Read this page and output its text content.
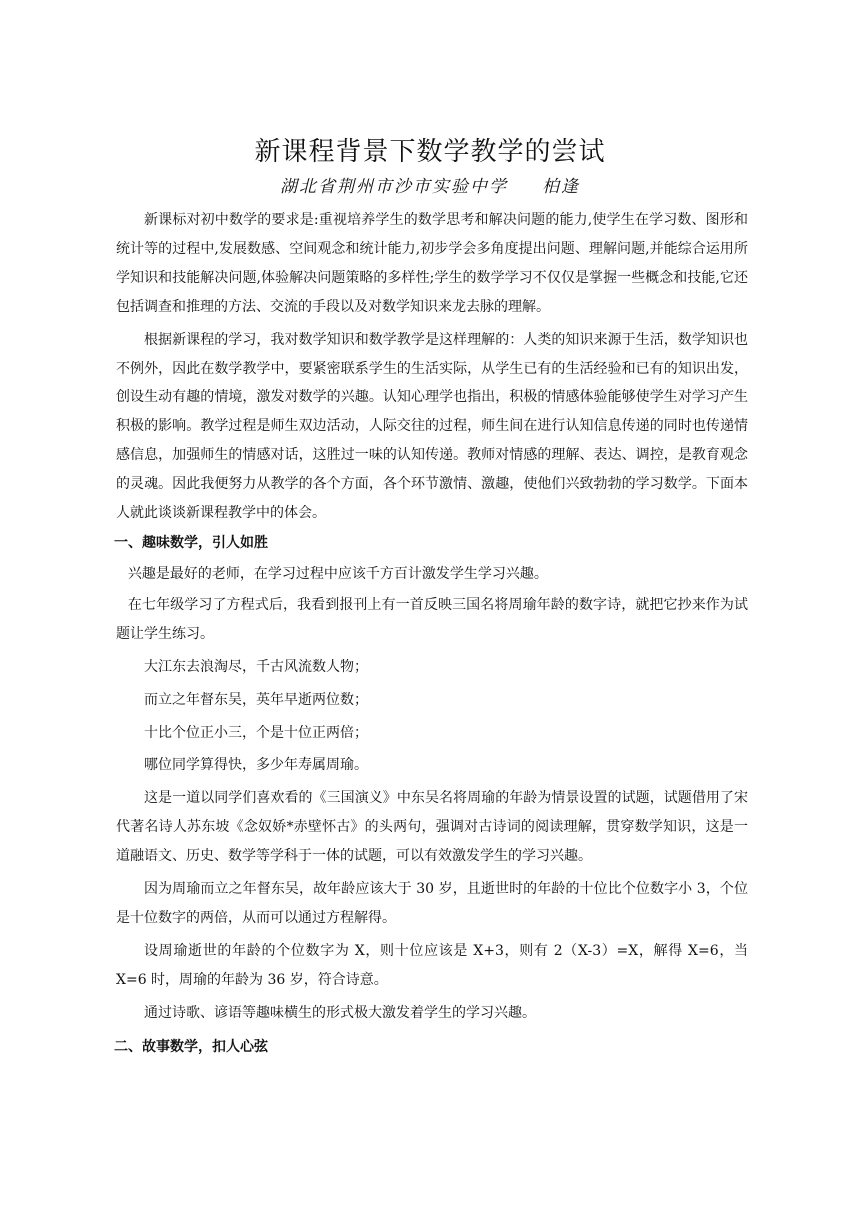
新课程背景下数学教学的尝试

湖北省荆州市沙市实验中学 柏逢

新课标对初中数学的要求是:重视培养学生的数学思考和解决问题的能力,使学生在学习数、图形和统计等的过程中,发展数感、空间观念和统计能力,初步学会多角度提出问题、理解问题,并能综合运用所学知识和技能解决问题,体验解决问题策略的多样性;学生的数学学习不仅仅是掌握一些概念和技能,它还包括调查和推理的方法、交流的手段以及对数学知识来龙去脉的理解。

根据新课程的学习，我对数学知识和数学教学是这样理解的：人类的知识来源于生活，数学知识也不例外，因此在数学教学中，要紧密联系学生的生活实际，从学生已有的生活经验和已有的知识出发，创设生动有趣的情境，激发对数学的兴趣。认知心理学也指出，积极的情感体验能够使学生对学习产生积极的影响。教学过程是师生双边活动，人际交往的过程，师生间在进行认知信息传递的同时也传递情感信息，加强师生的情感对话，这胜过一味的认知传递。教师对情感的理解、表达、调控，是教育观念的灵魂。因此我便努力从教学的各个方面，各个环节激情、激趣，使他们兴致勃勃的学习数学。下面本人就此谈谈新课程教学中的体会。

一、趣味数学，引人如胜

兴趣是最好的老师，在学习过程中应该千方百计激发学生学习兴趣。

在七年级学习了方程式后，我看到报刊上有一首反映三国名将周瑜年龄的数字诗，就把它抄来作为试题让学生练习。

大江东去浪淘尽，千古风流数人物；

而立之年督东吴，英年早逝两位数；

十比个位正小三，个是十位正两倍；

哪位同学算得快，多少年寿属周瑜。

这是一道以同学们喜欢看的《三国演义》中东吴名将周瑜的年龄为情景设置的试题，试题借用了宋代著名诗人苏东坡《念奴娇*赤壁怀古》的头两句，强调对古诗词的阅读理解，贯穿数学知识，这是一道融语文、历史、数学等学科于一体的试题，可以有效激发学生的学习兴趣。

因为周瑜而立之年督东吴，故年龄应该大于 30 岁，且逝世时的年龄的十位比个位数字小 3，个位是十位数字的两倍，从而可以通过方程解得。

设周瑜逝世的年龄的个位数字为 X，则十位应该是 X+3，则有 2（X-3）=X，解得 X=6，当 X=6 时，周瑜的年龄为 36 岁，符合诗意。

通过诗歌、谚语等趣味横生的形式极大激发着学生的学习兴趣。

二、故事数学，扣人心弦
